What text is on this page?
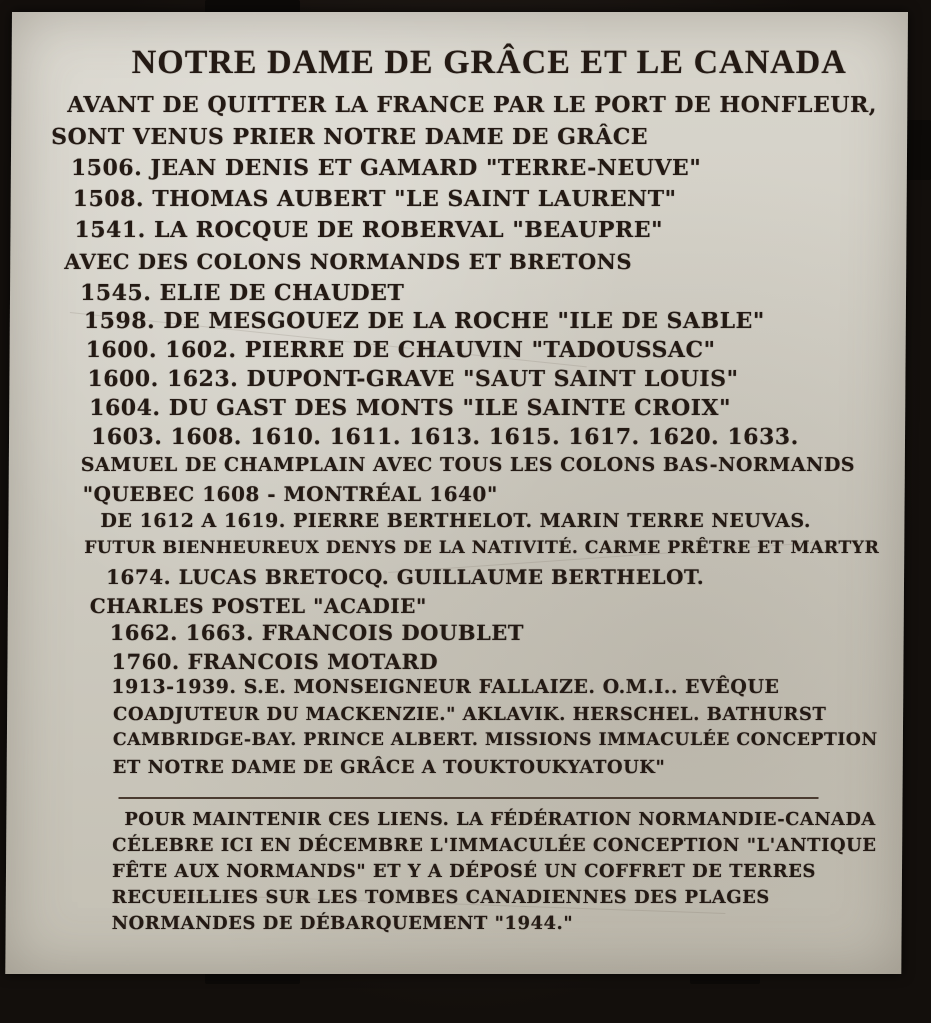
NOTRE DAME DE GRÂCE ET LE CANADA
AVANT DE QUITTER LA FRANCE PAR LE PORT DE HONFLEUR,
SONT VENUS PRIER NOTRE DAME DE GRÂCE
1506. JEAN DENIS ET GAMARD "TERRE-NEUVE"
1508. THOMAS AUBERT "LE SAINT LAURENT"
1541. LA ROCQUE DE ROBERVAL "BEAUPRE"
AVEC DES COLONS NORMANDS ET BRETONS
1545. ELIE DE CHAUDET
1598. DE MESGOUEZ DE LA ROCHE "ILE DE SABLE"
1600. 1602. PIERRE DE CHAUVIN "TADOUSSAC"
1600. 1623. DUPONT-GRAVE "SAUT SAINT LOUIS"
1604. DU GAST DES MONTS "ILE SAINTE CROIX"
1603. 1608. 1610. 1611. 1613. 1615. 1617. 1620. 1633.
SAMUEL DE CHAMPLAIN AVEC TOUS LES COLONS BAS-NORMANDS
"QUEBEC 1608 - MONTRÉAL 1640"
DE 1612 A 1619. PIERRE BERTHELOT. MARIN TERRE NEUVAS.
FUTUR BIENHEUREUX DENYS DE LA NATIVITÉ. CARME PRÊTRE ET MARTYR
1674. LUCAS BRETOCQ. GUILLAUME BERTHELOT.
CHARLES POSTEL "ACADIE"
1662. 1663. FRANCOIS DOUBLET
1760. FRANCOIS MOTARD
1913-1939. S.E. MONSEIGNEUR FALLAIZE. O.M.I.. EVÊQUE
COADJUTEUR DU MACKENZIE." AKLAVIK. HERSCHEL. BATHURST
CAMBRIDGE-BAY. PRINCE ALBERT. MISSIONS IMMACULÉE CONCEPTION
ET NOTRE DAME DE GRÂCE A TOUKTOUKYATOUK"
POUR MAINTENIR CES LIENS. LA FÉDÉRATION NORMANDIE-CANADA
CÉLEBRE ICI EN DÉCEMBRE L'IMMACULÉE CONCEPTION "L'ANTIQUE
FÊTE AUX NORMANDS" ET Y A DÉPOSÉ UN COFFRET DE TERRES
RECUEILLIES SUR LES TOMBES CANADIENNES DES PLAGES
NORMANDES DE DÉBARQUEMENT "1944."
